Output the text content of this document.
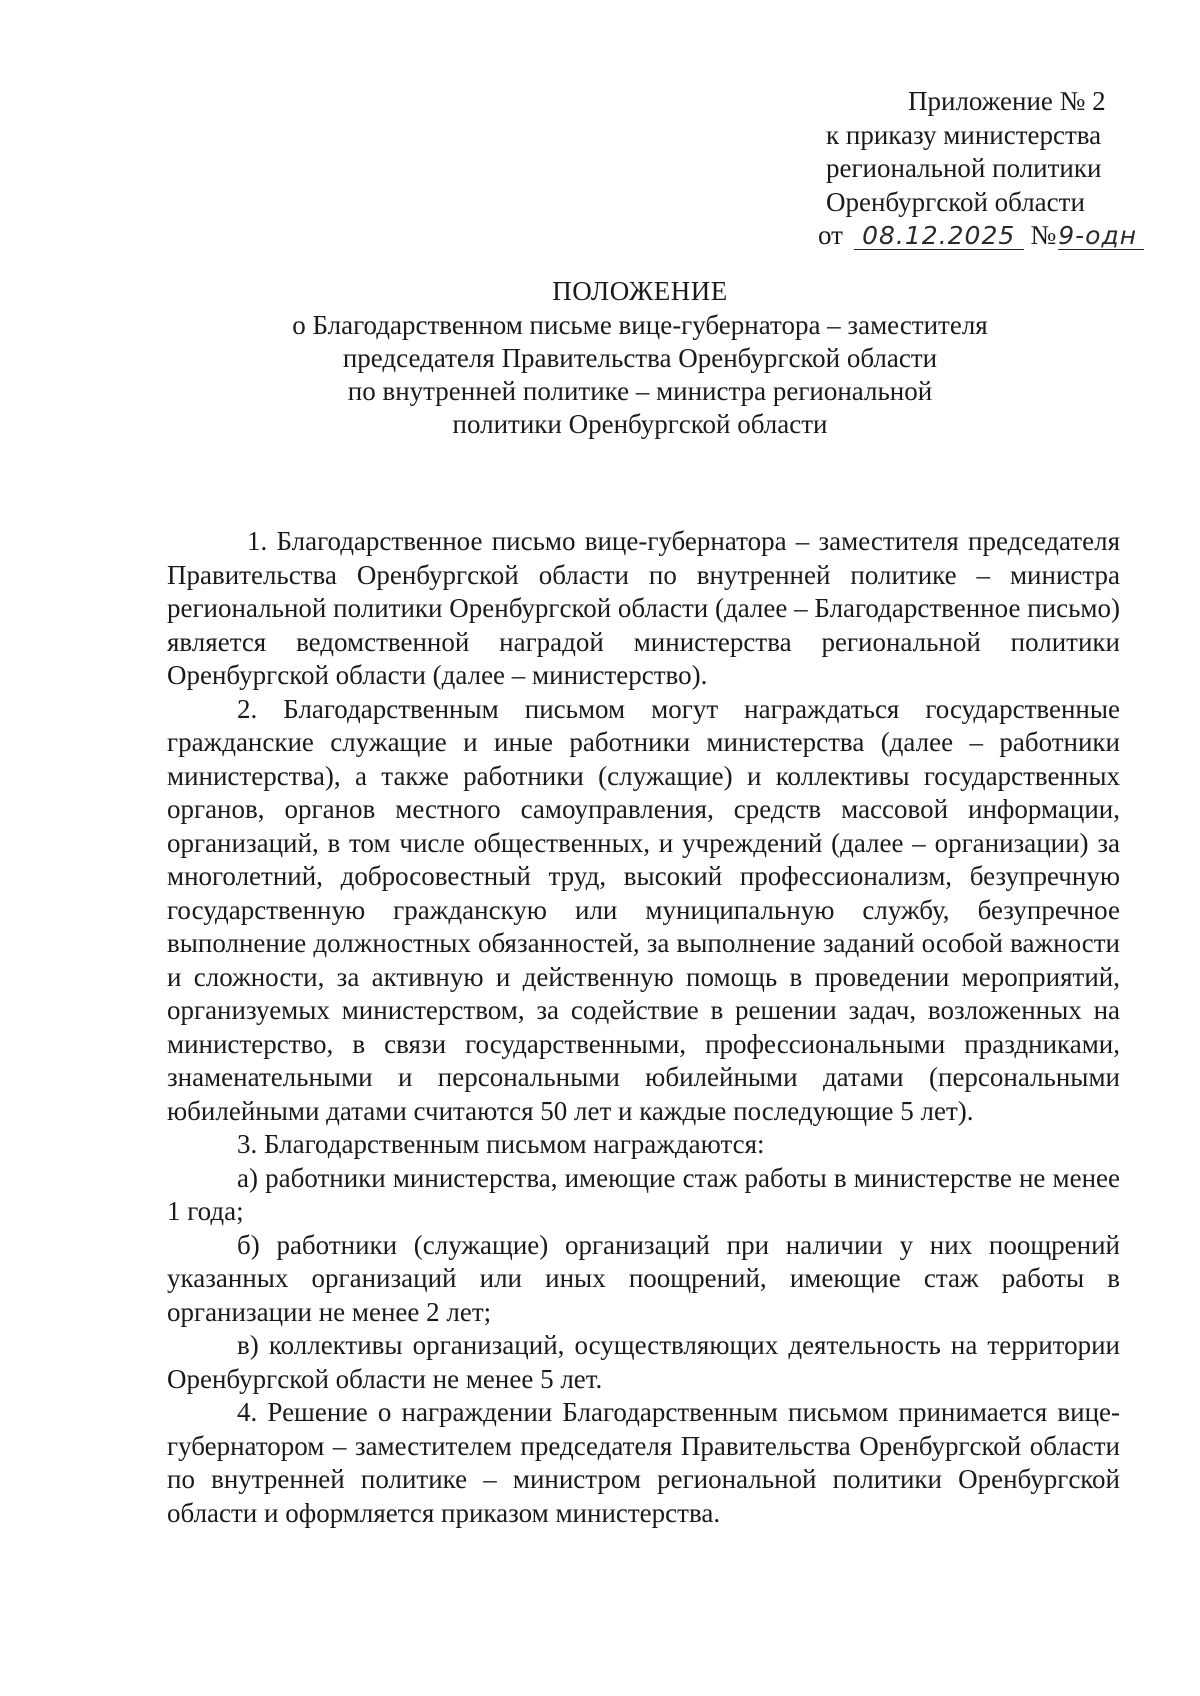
Приложение № 2
к приказу министерства
региональной политики
Оренбургской области
от 08.12.2025 №9-одн
ПОЛОЖЕНИЕ
о Благодарственном письме вице-губернатора – заместителя
председателя Правительства Оренбургской области
по внутренней политике – министра региональной
политики Оренбургской области

1. Благодарственное письмо вице-губернатора – заместителя председателя Правительства Оренбургской области по внутренней политике – министра региональной политики Оренбургской области (далее – Благодарственное письмо) является ведомственной наградой министерства региональной политики Оренбургской области (далее – министерство).

2. Благодарственным письмом могут награждаться государственные гражданские служащие и иные работники министерства (далее – работники министерства), а также работники (служащие) и коллективы государственных органов, органов местного самоуправления, средств массовой информации, организаций, в том числе общественных, и учреждений (далее – организации) за многолетний, добросовестный труд, высокий профессионализм, безупречную государственную гражданскую или муниципальную службу, безупречное выполнение должностных обязанностей, за выполнение заданий особой важности и сложности, за активную и действенную помощь в проведении мероприятий, организуемых министерством, за содействие в решении задач, возложенных на министерство, в связи государственными, профессиональными праздниками, знаменательными и персональными юбилейными датами (персональными юбилейными датами считаются 50 лет и каждые последующие 5 лет).

3. Благодарственным письмом награждаются:

а) работники министерства, имеющие стаж работы в министерстве не менее 1 года;

б) работники (служащие) организаций при наличии у них поощрений указанных организаций или иных поощрений, имеющие стаж работы в организации не менее 2 лет;

в) коллективы организаций, осуществляющих деятельность на территории Оренбургской области не менее 5 лет.

4. Решение о награждении Благодарственным письмом принимается вице-губернатором – заместителем председателя Правительства Оренбургской области по внутренней политике – министром региональной политики Оренбургской области и оформляется приказом министерства.
